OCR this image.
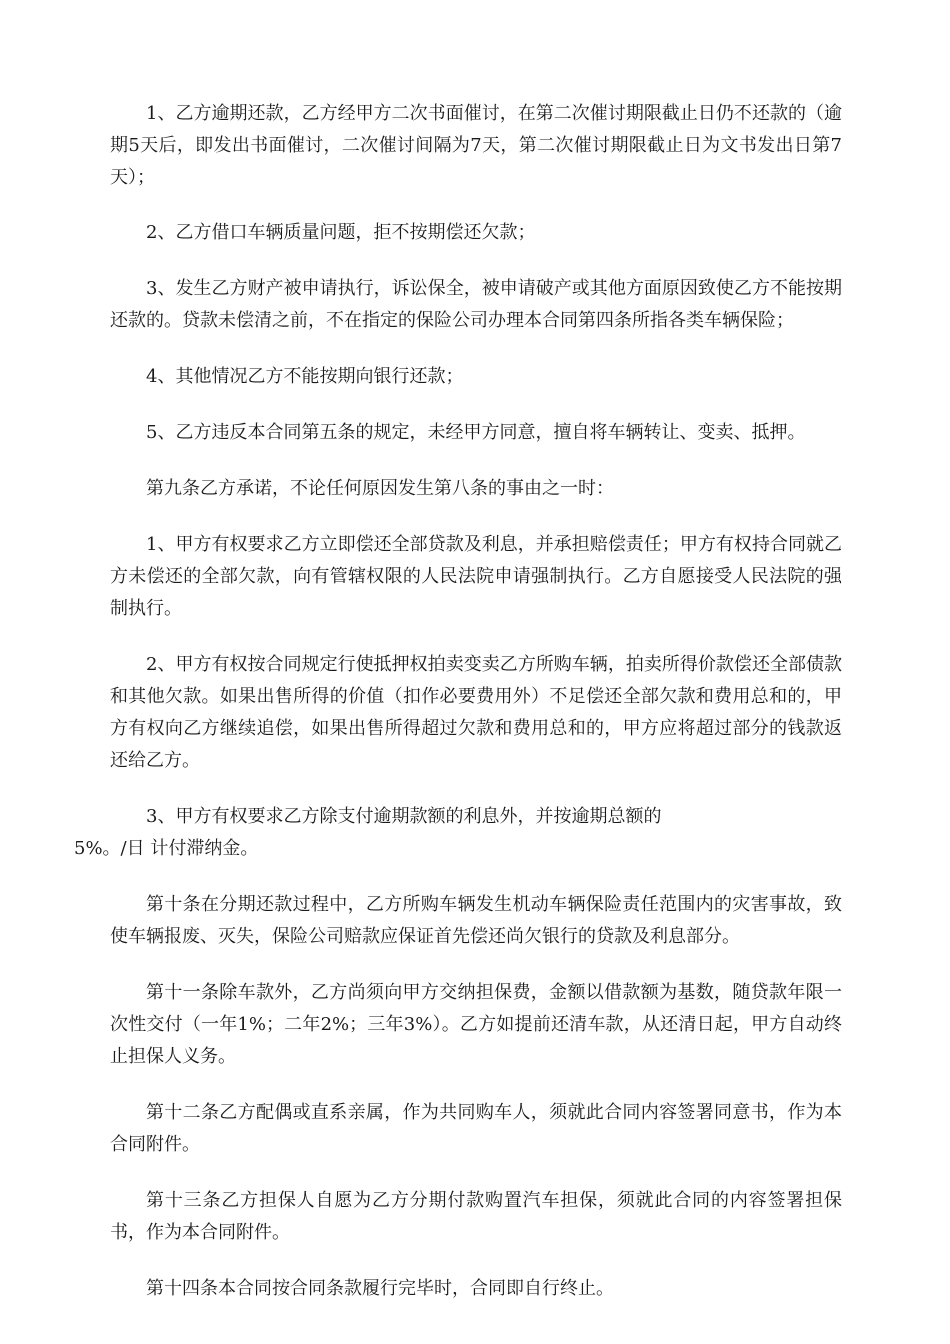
1、乙方逾期还款，乙方经甲方二次书面催讨，在第二次催讨期限截止日仍不还款的（逾期5天后，即发出书面催讨，二次催讨间隔为7天，第二次催讨期限截止日为文书发出日第7天）；

2、乙方借口车辆质量问题，拒不按期偿还欠款；

3、发生乙方财产被申请执行，诉讼保全，被申请破产或其他方面原因致使乙方不能按期还款的。贷款未偿清之前，不在指定的保险公司办理本合同第四条所指各类车辆保险；

4、其他情况乙方不能按期向银行还款；

5、乙方违反本合同第五条的规定，未经甲方同意，擅自将车辆转让、变卖、抵押。

第九条乙方承诺，不论任何原因发生第八条的事由之一时：

1、甲方有权要求乙方立即偿还全部贷款及利息，并承担赔偿责任；甲方有权持合同就乙方未偿还的全部欠款，向有管辖权限的人民法院申请强制执行。乙方自愿接受人民法院的强制执行。

2、甲方有权按合同规定行使抵押权拍卖变卖乙方所购车辆，拍卖所得价款偿还全部债款和其他欠款。如果出售所得的价值（扣作必要费用外）不足偿还全部欠款和费用总和的，甲方有权向乙方继续追偿，如果出售所得超过欠款和费用总和的，甲方应将超过部分的钱款返还给乙方。

3、甲方有权要求乙方除支付逾期款额的利息外，并按逾期总额的
5%。/日 计付滞纳金。

第十条在分期还款过程中，乙方所购车辆发生机动车辆保险责任范围内的灾害事故，致使车辆报废、灭失，保险公司赔款应保证首先偿还尚欠银行的贷款及利息部分。

第十一条除车款外，乙方尚须向甲方交纳担保费，金额以借款额为基数，随贷款年限一次性交付（一年1%；二年2%；三年3%）。乙方如提前还清车款，从还清日起，甲方自动终止担保人义务。

第十二条乙方配偶或直系亲属，作为共同购车人，须就此合同内容签署同意书，作为本合同附件。

第十三条乙方担保人自愿为乙方分期付款购置汽车担保，须就此合同的内容签署担保书，作为本合同附件。

第十四条本合同按合同条款履行完毕时，合同即自行终止。
